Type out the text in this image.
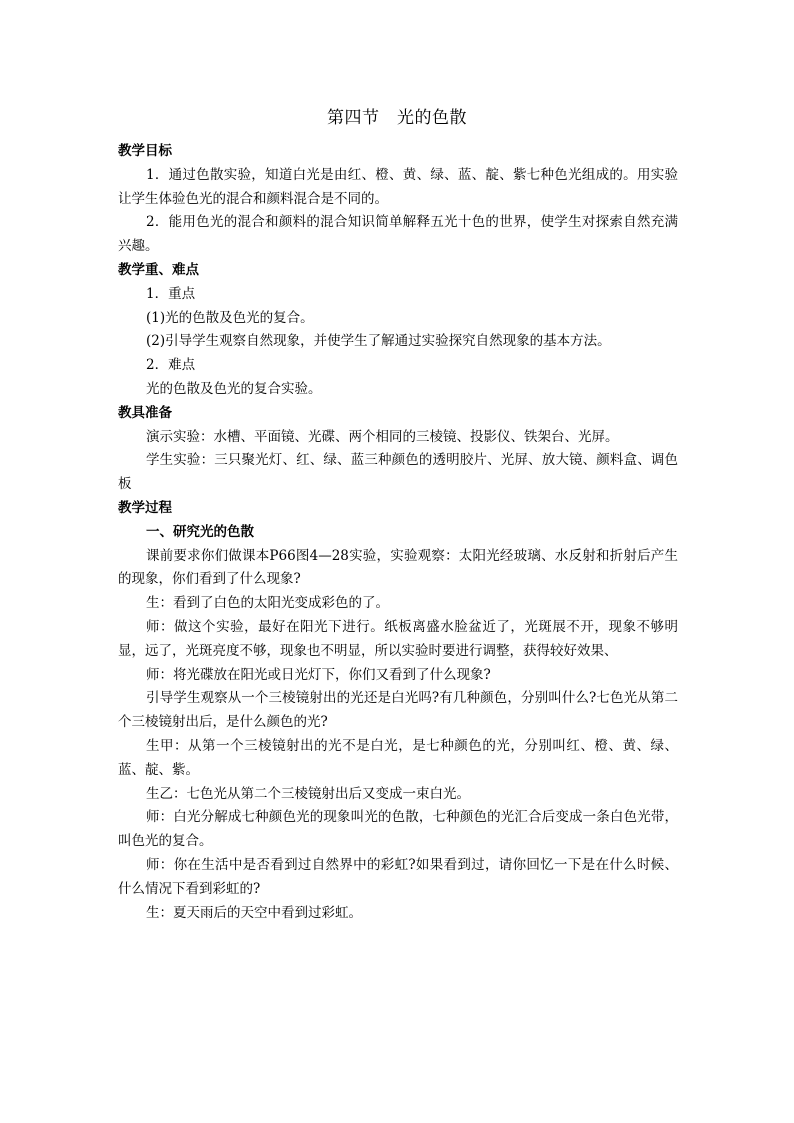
第四节　光的色散
教学目标

1．通过色散实验，知道白光是由红、橙、黄、绿、蓝、靛、紫七种色光组成的。用实验让学生体验色光的混合和颜料混合是不同的。

2．能用色光的混合和颜料的混合知识简单解释五光十色的世界，使学生对探索自然充满兴趣。

教学重、难点

1．重点

(1)光的色散及色光的复合。

(2)引导学生观察自然现象，并使学生了解通过实验探究自然现象的基本方法。

2．难点

光的色散及色光的复合实验。

教具准备

演示实验：水槽、平面镜、光碟、两个相同的三棱镜、投影仪、铁架台、光屏。

学生实验：三只聚光灯、红、绿、蓝三种颜色的透明胶片、光屏、放大镜、颜料盒、调色板

教学过程

一、研究光的色散

课前要求你们做课本P66图4—28实验，实验观察：太阳光经玻璃、水反射和折射后产生的现象，你们看到了什么现象?

生：看到了白色的太阳光变成彩色的了。

师：做这个实验，最好在阳光下进行。纸板离盛水脸盆近了，光斑展不开，现象不够明显，远了，光斑亮度不够，现象也不明显，所以实验时要进行调整，获得较好效果、

师：将光碟放在阳光或日光灯下，你们又看到了什么现象?

引导学生观察从一个三棱镜射出的光还是白光吗?有几种颜色，分别叫什么?七色光从第二个三棱镜射出后，是什么颜色的光?

生甲：从第一个三棱镜射出的光不是白光，是七种颜色的光，分别叫红、橙、黄、绿、蓝、靛、紫。

生乙：七色光从第二个三棱镜射出后又变成一束白光。

师：白光分解成七种颜色光的现象叫光的色散，七种颜色的光汇合后变成一条白色光带，叫色光的复合。

师：你在生活中是否看到过自然界中的彩虹?如果看到过，请你回忆一下是在什么时候、什么情况下看到彩虹的?

生：夏天雨后的天空中看到过彩虹。
